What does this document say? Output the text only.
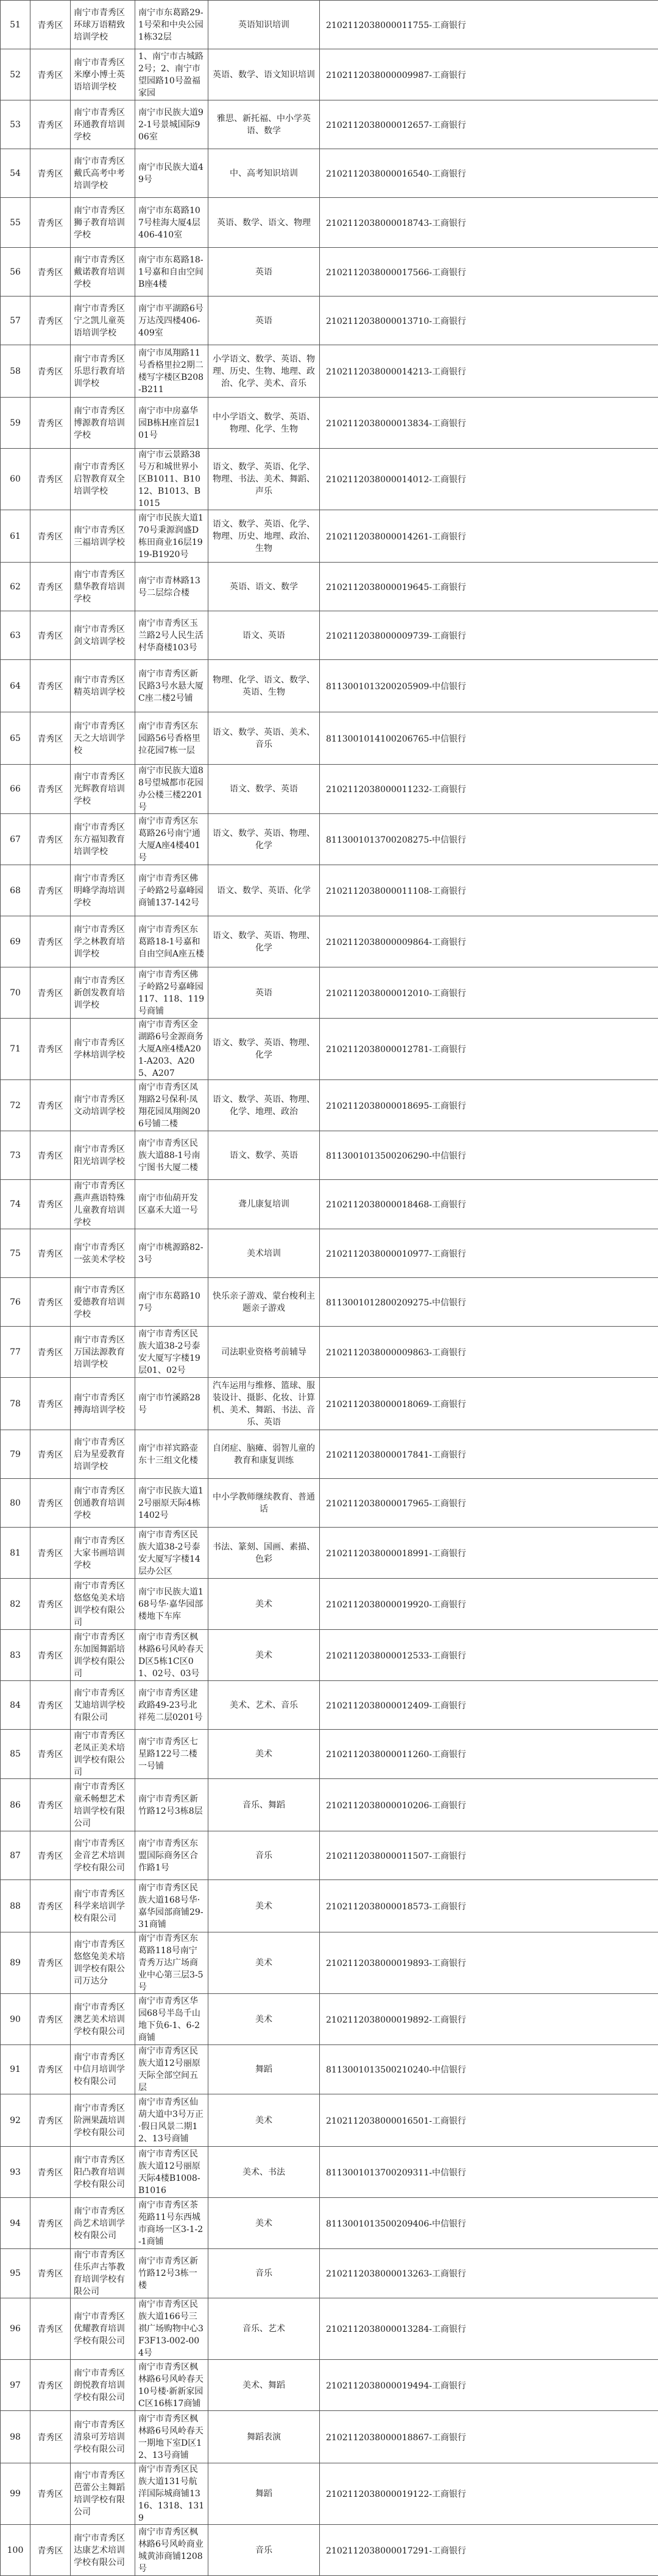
51	青秀区	南宁市青秀区环球万语精致培训学校	南宁市东葛路29-1号荣和中央公园1栋32层	英语知识培训	2102112038000011755-工商银行
52	青秀区	南宁市青秀区米摩小博士英语培训学校	1、南宁市古城路2号；2、南宁市望园路10号盈福家园	英语、数学、语文知识培训	2102112038000009987-工商银行
53	青秀区	南宁市青秀区环通教育培训学校	南宁市民族大道92-1号景城国际906室	雅思、新托福、中小学英语、数学	2102112038000012657-工商银行
54	青秀区	南宁市青秀区戴氏高考中考培训学校	南宁市民族大道49号	中、高考知识培训	2102112038000016540-工商银行
55	青秀区	南宁市青秀区狮子教育培训学校	南宁市东葛路107号桂海大厦4层406-410室	英语、数学、语文、物理	2102112038000018743-工商银行
56	青秀区	南宁市青秀区戴诺教育培训学校	南宁市东葛路18-1号嘉和自由空间B座4楼	英语	2102112038000017566-工商银行
57	青秀区	南宁市青秀区宁之凯儿童英语培训学校	南宁市平湖路6号万达茂四楼406-409室	英语	2102112038000013710-工商银行
58	青秀区	南宁市青秀区乐思行教育培训学校	南宁市凤翔路11号香格里拉2期二楼写字楼区B208-B211	小学语文、数学、英语、物理、历史、生物、地理、政治、化学、美术、音乐	2102112038000014213-工商银行
59	青秀区	南宁市青秀区博源教育培训学校	南宁市中房嘉华园B栋H座首层101号	中小学语文、数学、英语、物理、化学、生物	2102112038000013834-工商银行
60	青秀区	南宁市青秀区启智教育双全培训学校	南宁市云景路38号万和城世界小区B1011、B1012、B1013、B1015	语文、数学、英语、化学、物理、书法、美术、舞蹈、声乐	2102112038000014012-工商银行
61	青秀区	南宁市青秀区三福培训学校	南宁市民族大道170号秉源润盛D栋田商业16层1919-B1920号	语文、数学、英语、化学、物理、历史、地理、政治、生物	2102112038000014261-工商银行
62	青秀区	南宁市青秀区鼎华教育培训学校	南宁市青林路13号二层综合楼	英语、语文、数学	2102112038000019645-工商银行
63	青秀区	南宁市青秀区剑文培训学校	南宁市青秀区玉兰路2号人民生活村华裔楼103号	语文、英语	2102112038000009739-工商银行
64	青秀区	南宁市青秀区精英培训学校	南宁市青秀区新民路3号水悬大厦C座二楼2号铺	物理、化学、语文、数学、英语、生物	8113001013200205909-中信银行
65	青秀区	南宁市青秀区天之大培训学校	南宁市青秀区东园路56号香格里拉花园7栋一层	语文、数学、英语、美术、音乐	8113001014100206765-中信银行
66	青秀区	南宁市青秀区光辉教育培训学校	南宁市民族大道88号望城都市花园办公楼三楼2201号	语文、数学、英语	2102112038000011232-工商银行
67	青秀区	南宁市青秀区东方福知教育培训学校	南宁市青秀区东葛路26号南宁通大厦A座4楼401号	语文、数学、英语、物理、化学	8113001013700208275-中信银行
68	青秀区	南宁市青秀区明峰学海培训学校	南宁市青秀区佛子岭路2号嘉峰园商铺137-142号	语文、数学、英语、化学	2102112038000011108-工商银行
69	青秀区	南宁市青秀区学之林教育培训学校	南宁市青秀区东葛路18-1号嘉和自由空间A座五楼	语文、数学、英语、物理、化学	2102112038000009864-工商银行
70	青秀区	南宁市青秀区新创发教育培训学校	南宁市青秀区佛子岭路2号嘉峰园117、118、119号商铺	英语	2102112038000012010-工商银行
71	青秀区	南宁市青秀区学林培训学校	南宁市青秀区金湖路6号金源商务大厦A座4楼A201-A203、A205、A207	语文、数学、英语、物理、化学	2102112038000012781-工商银行
72	青秀区	南宁市青秀区文动培训学校	南宁市青秀区凤翔路2号保利·凤翔花园凤翔阁206号铺二楼	语文、数学、英语、物理、化学、地理、政治	2102112038000018695-工商银行
73	青秀区	南宁市青秀区阳光培训学校	南宁市青秀区民族大道88-1号南宁图书大厦二楼	语文、数学、英语	8113001013500206290-中信银行
74	青秀区	南宁市青秀区燕声燕语特殊儿童教育培训学校	南宁市仙葫开发区嘉禾大道一号	聋儿康复培训	2102112038000018468-工商银行
75	青秀区	南宁市青秀区一弦美术学校	南宁市桃源路82-3号	美术培训	2102112038000010977-工商银行
76	青秀区	南宁市青秀区爱德教育培训学校	南宁市东葛路107号	快乐亲子游戏、蒙台梭利主题亲子游戏	8113001012800209275-中信银行
77	青秀区	南宁市青秀区万国法源教育培训学校	南宁市青秀区民族大道38-2号泰安大厦写字楼19层01、02号	司法职业资格考前辅导	2102112038000009863-工商银行
78	青秀区	南宁市青秀区搏海培训学校	南宁市竹溪路28号	汽车运用与维修、篮球、服装设计、摄影、化妆、计算机、美术、舞蹈、书法、音乐、英语	2102112038000018069-工商银行
79	青秀区	南宁市青秀区启为星爱教育培训学校	南宁市祥宾路壶东十三组文化楼	自闭症、脑瘫、弱智儿童的教育和康复训练	2102112038000017841-工商银行
80	青秀区	南宁市青秀区创通教育培训学校	南宁市民族大道12号丽原天际4栋1402号	中小学教师继续教育、普通话	2102112038000017965-工商银行
81	青秀区	南宁市青秀区大家书画培训学校	南宁市青秀区民族大道38-2号泰安大厦写字楼14层办公区	书法、篆刻、国画、素描、色彩	2102112038000018991-工商银行
82	青秀区	南宁市青秀区悠悠兔美术培训学校有限公司	南宁市民族大道168号华·嘉华园部楼地下车库	美术	2102112038000019920-工商银行
83	青秀区	南宁市青秀区东加图舞蹈培训学校有限公司	南宁市青秀区枫林路6号风岭春天D区5栋1C区01、02号、03号	美术	2102112038000012533-工商银行
84	青秀区	南宁市青秀区艾迪培训学校有限公司	南宁市青秀区建政路49-23号北祥苑二层0201号	美术、艺术、音乐	2102112038000012409-工商银行
85	青秀区	南宁市青秀区老凤正美术培训学校有限公司	南宁市青秀区七星路122号二楼一号铺	美术	2102112038000011260-工商银行
86	青秀区	南宁市青秀区童禾畅想艺术培训学校有限公司	南宁市青秀区新竹路12号3栋8层	音乐、舞蹈	2102112038000010206-工商银行
87	青秀区	南宁市青秀区金音艺术培训学校有限公司	南宁市青秀区东盟国际商务区合作路1号	音乐	2102112038000011507-工商银行
88	青秀区	南宁市青秀区科学来培训学校有限公司	南宁市青秀区民族大道168号华·嘉华园部商铺29-31商铺	美术	2102112038000018573-工商银行
89	青秀区	南宁市青秀区悠悠兔美术培训学校有限公司万达分	南宁市青秀区东葛路118号南宁青秀万达广场商业中心第三层3-5号	美术	2102112038000019893-工商银行
90	青秀区	南宁市青秀区澳艺美术培训学校有限公司	南宁市青秀区华园68号半岛千山地下负6-1、6-2商铺	美术	2102112038000019892-工商银行
91	青秀区	南宁市青秀区中信月培训学校有限公司	南宁市青秀区民族大道12号丽原天际全部空间五层	舞蹈	8113001013500210240-中信银行
92	青秀区	南宁市青秀区阶洲果蔬培训学校有限公司	南宁市青秀区仙葫大道中3号万正·假日风景二期12、13号商铺	美术	2102112038000016501-工商银行
93	青秀区	南宁市青秀区阳凸教育培训学校有限公司	南宁市青秀区民族大道12号丽原天际4楼B1008-B1016	美术、书法	8113001013700209311-中信银行
94	青秀区	南宁市青秀区尚艺术培训学校有限公司	南宁市青秀区茶苑路11号东西城市商场一区3-1-2-1商铺	美术	8113001013500209406-中信银行
95	青秀区	南宁市青秀区佳乐声古筝教育培训学校有限公司	南宁市青秀区新竹路12号3栋一楼	音乐	2102112038000013263-工商银行
96	青秀区	南宁市青秀区优耀教育培训学校有限公司	南宁市青秀区民族大道166号三祺广场购物中心3F3F13-002-004号	音乐、艺术	2102112038000013284-工商银行
97	青秀区	南宁市青秀区朗悦教育培训学校有限公司	南宁市青秀区枫林路6号风岭春天10号楼·新新家园C区16栋17商铺	美术、舞蹈	2102112038000019494-工商银行
98	青秀区	南宁市青秀区清泉可芳培训学校有限公司	南宁市青秀区枫林路6号风岭春天一期地下室D区12、13号商铺	舞蹈表演	2102112038000018867-工商银行
99	青秀区	南宁市青秀区芭蕾公主舞蹈培训学校有限公司	南宁市青秀区民族大道131号航洋国际城商铺1316、1318、1319	舞蹈	2102112038000019122-工商银行
100	青秀区	南宁市青秀区达康艺术培训学校有限公司	南宁市青秀区枫林路6号风岭商业城黄沛商铺1208号	音乐	2102112038000017291-工商银行
